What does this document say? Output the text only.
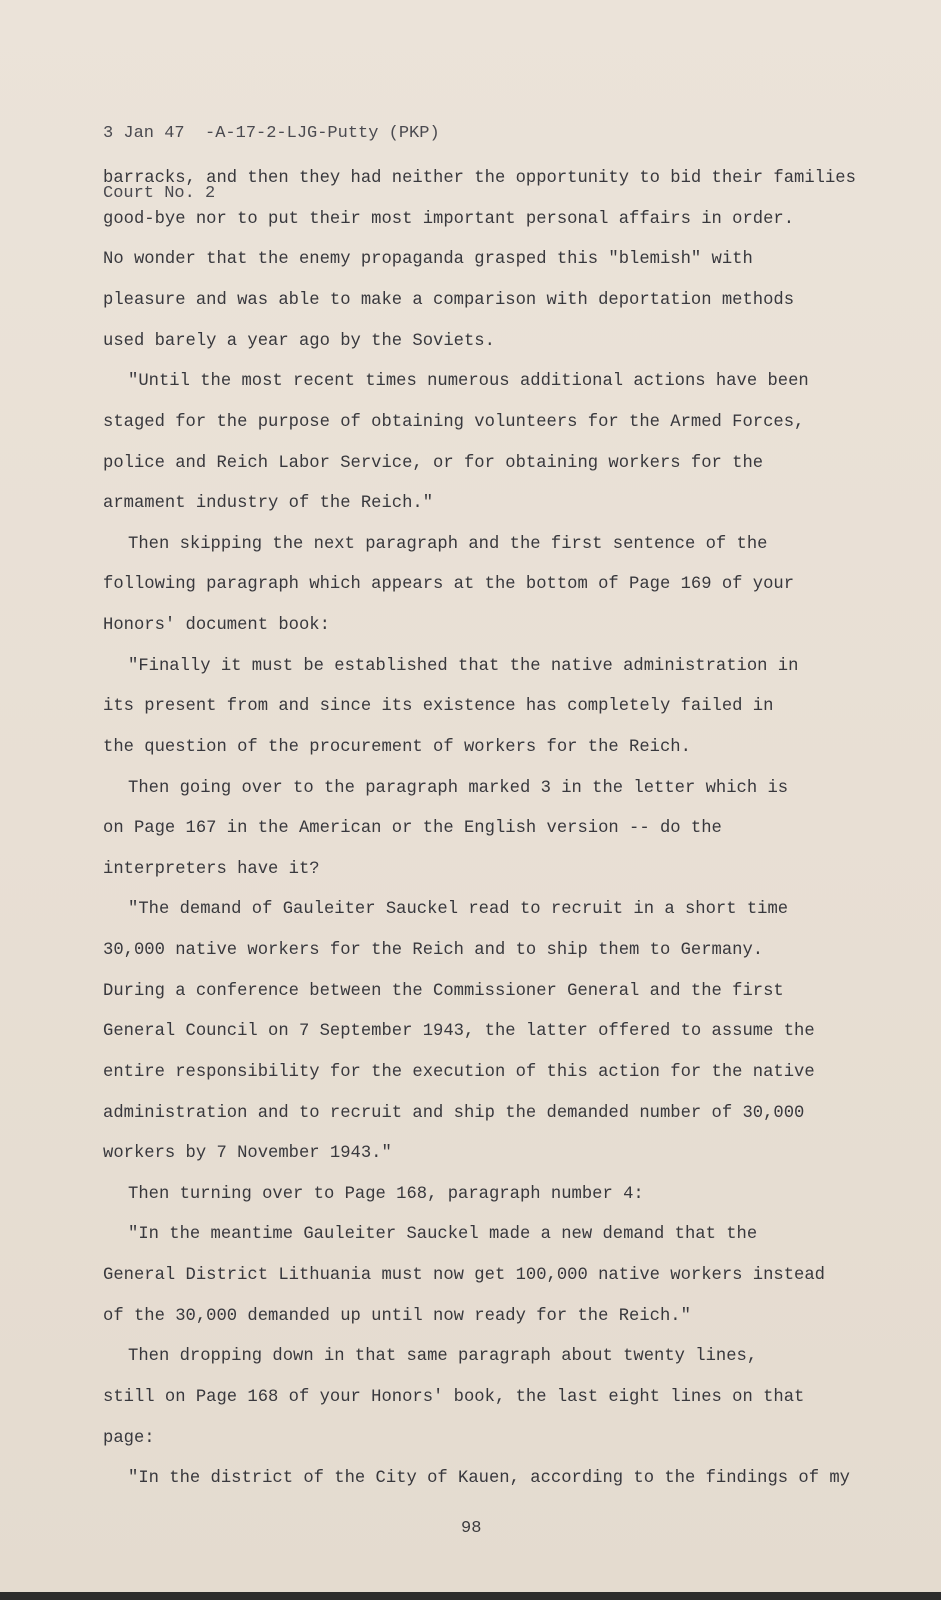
3 Jan 47  -A-17-2-LJG-Putty (PKP)

Court No. 2

barracks, and then they had neither the opportunity to bid their families
good-bye nor to put their most important personal affairs in order.
No wonder that the enemy propaganda grasped this "blemish" with
pleasure and was able to make a comparison with deportation methods
used barely a year ago by the Soviets.
"Until the most recent times numerous additional actions have been
staged for the purpose of obtaining volunteers for the Armed Forces,
police and Reich Labor Service, or for obtaining workers for the
armament industry of the Reich."
Then skipping the next paragraph and the first sentence of the
following paragraph which appears at the bottom of Page 169 of your
Honors' document book:
"Finally it must be established that the native administration in
its present from and since its existence has completely failed in
the question of the procurement of workers for the Reich.
Then going over to the paragraph marked 3 in the letter which is
on Page 167 in the American or the English version -- do the
interpreters have it?
"The demand of Gauleiter Sauckel read to recruit in a short time
30,000 native workers for the Reich and to ship them to Germany.
During a conference between the Commissioner General and the first
General Council on 7 September 1943, the latter offered to assume the
entire responsibility for the execution of this action for the native
administration and to recruit and ship the demanded number of 30,000
workers by 7 November 1943."
Then turning over to Page 168, paragraph number 4:
"In the meantime Gauleiter Sauckel made a new demand that the
General District Lithuania must now get 100,000 native workers instead
of the 30,000 demanded up until now ready for the Reich."
Then dropping down in that same paragraph about twenty lines,
still on Page 168 of your Honors' book, the last eight lines on that
page:
"In the district of the City of Kauen, according to the findings of my
98
